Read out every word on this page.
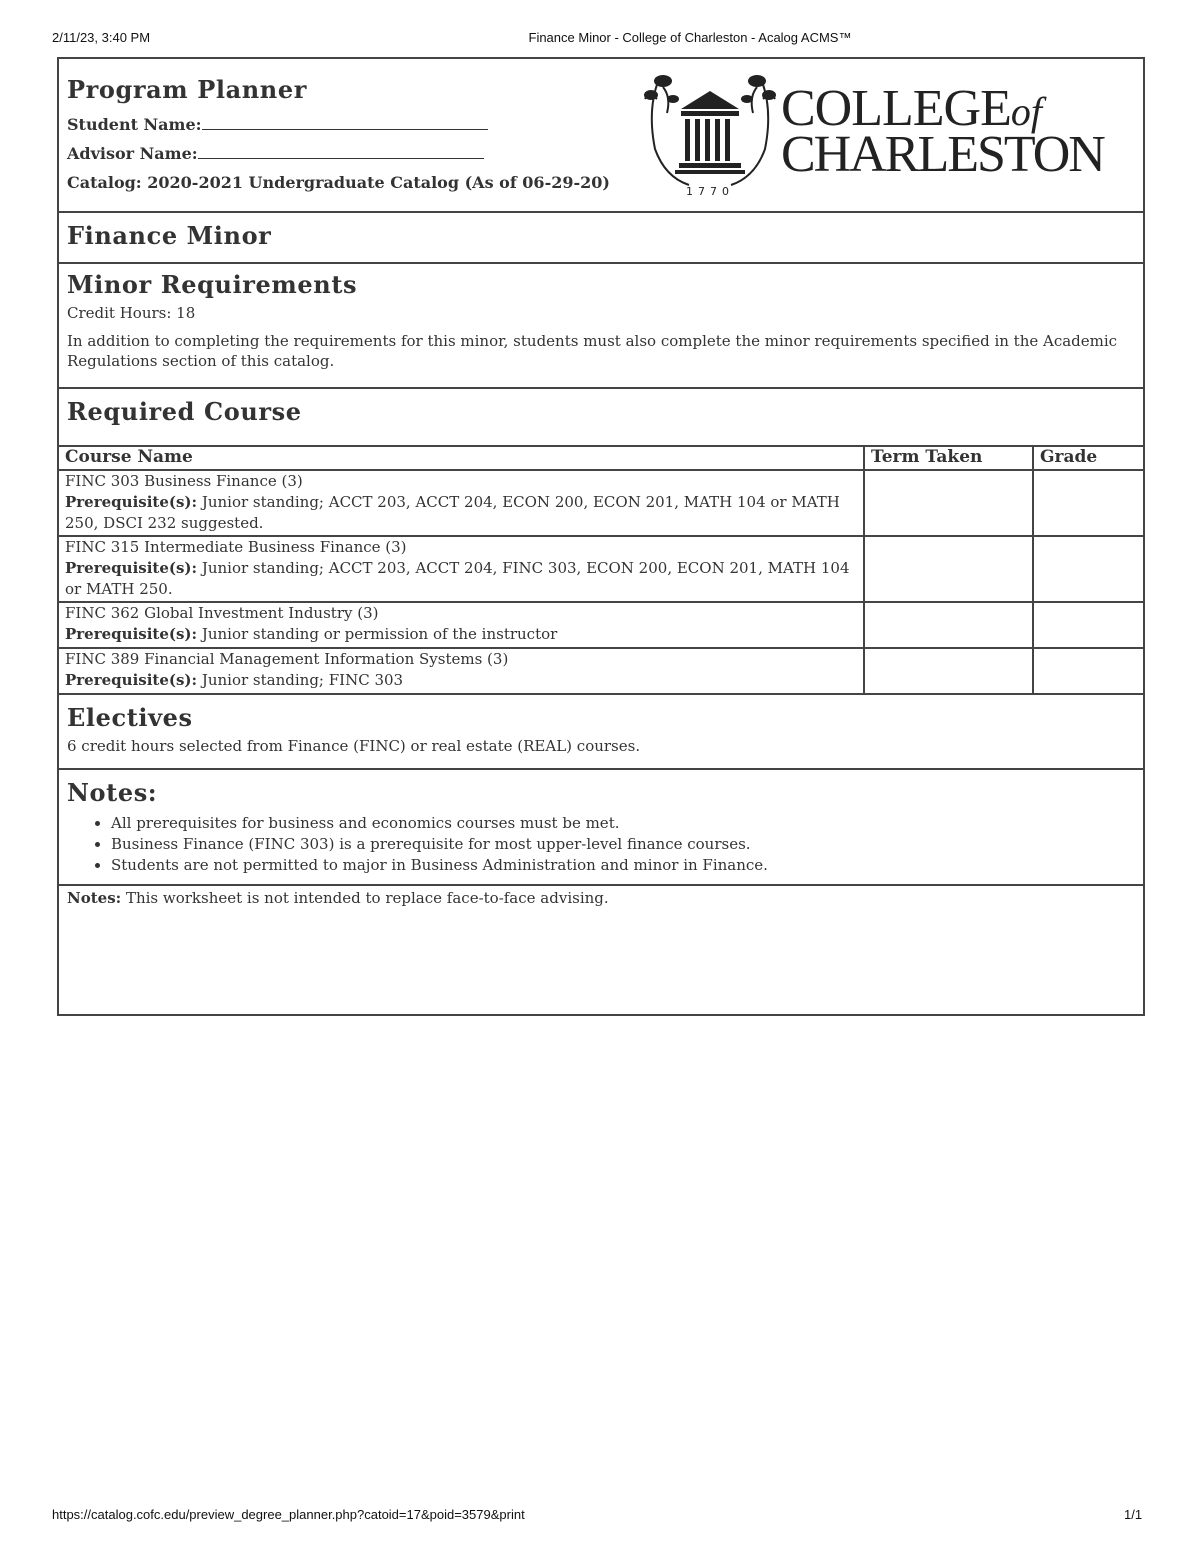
2/11/23, 3:40 PM	Finance Minor - College of Charleston - Acalog ACMS™
Program Planner
Student Name:
Advisor Name:
Catalog: 2020-2021 Undergraduate Catalog (As of 06-29-20)	1770
COLLEGEof
CHARLESTON
Finance Minor
Minor Requirements
Credit Hours: 18
In addition to completing the requirements for this minor, students must also complete the minor requirements specified in the Academic Regulations section of this catalog.
Required Course
Course Name	Term Taken	Grade

FINC 303 Business Finance (3)
Prerequisite(s): Junior standing; ACCT 203, ACCT 204, ECON 200, ECON 201, MATH 104 or MATH 250, DSCI 232 suggested.		

FINC 315 Intermediate Business Finance (3)
Prerequisite(s): Junior standing; ACCT 203, ACCT 204, FINC 303, ECON 200, ECON 201, MATH 104 or MATH 250.		

FINC 362 Global Investment Industry (3)
Prerequisite(s): Junior standing or permission of the instructor		

FINC 389 Financial Management Information Systems (3)
Prerequisite(s): Junior standing; FINC 303		

Electives
6 credit hours selected from Finance (FINC) or real estate (REAL) courses.
Notes:
• All prerequisites for business and economics courses must be met.
• Business Finance (FINC 303) is a prerequisite for most upper-level finance courses.
• Students are not permitted to major in Business Administration and minor in Finance.
Notes: This worksheet is not intended to replace face-to-face advising.
https://catalog.cofc.edu/preview_degree_planner.php?catoid=17&poid=3579&print	1/1
